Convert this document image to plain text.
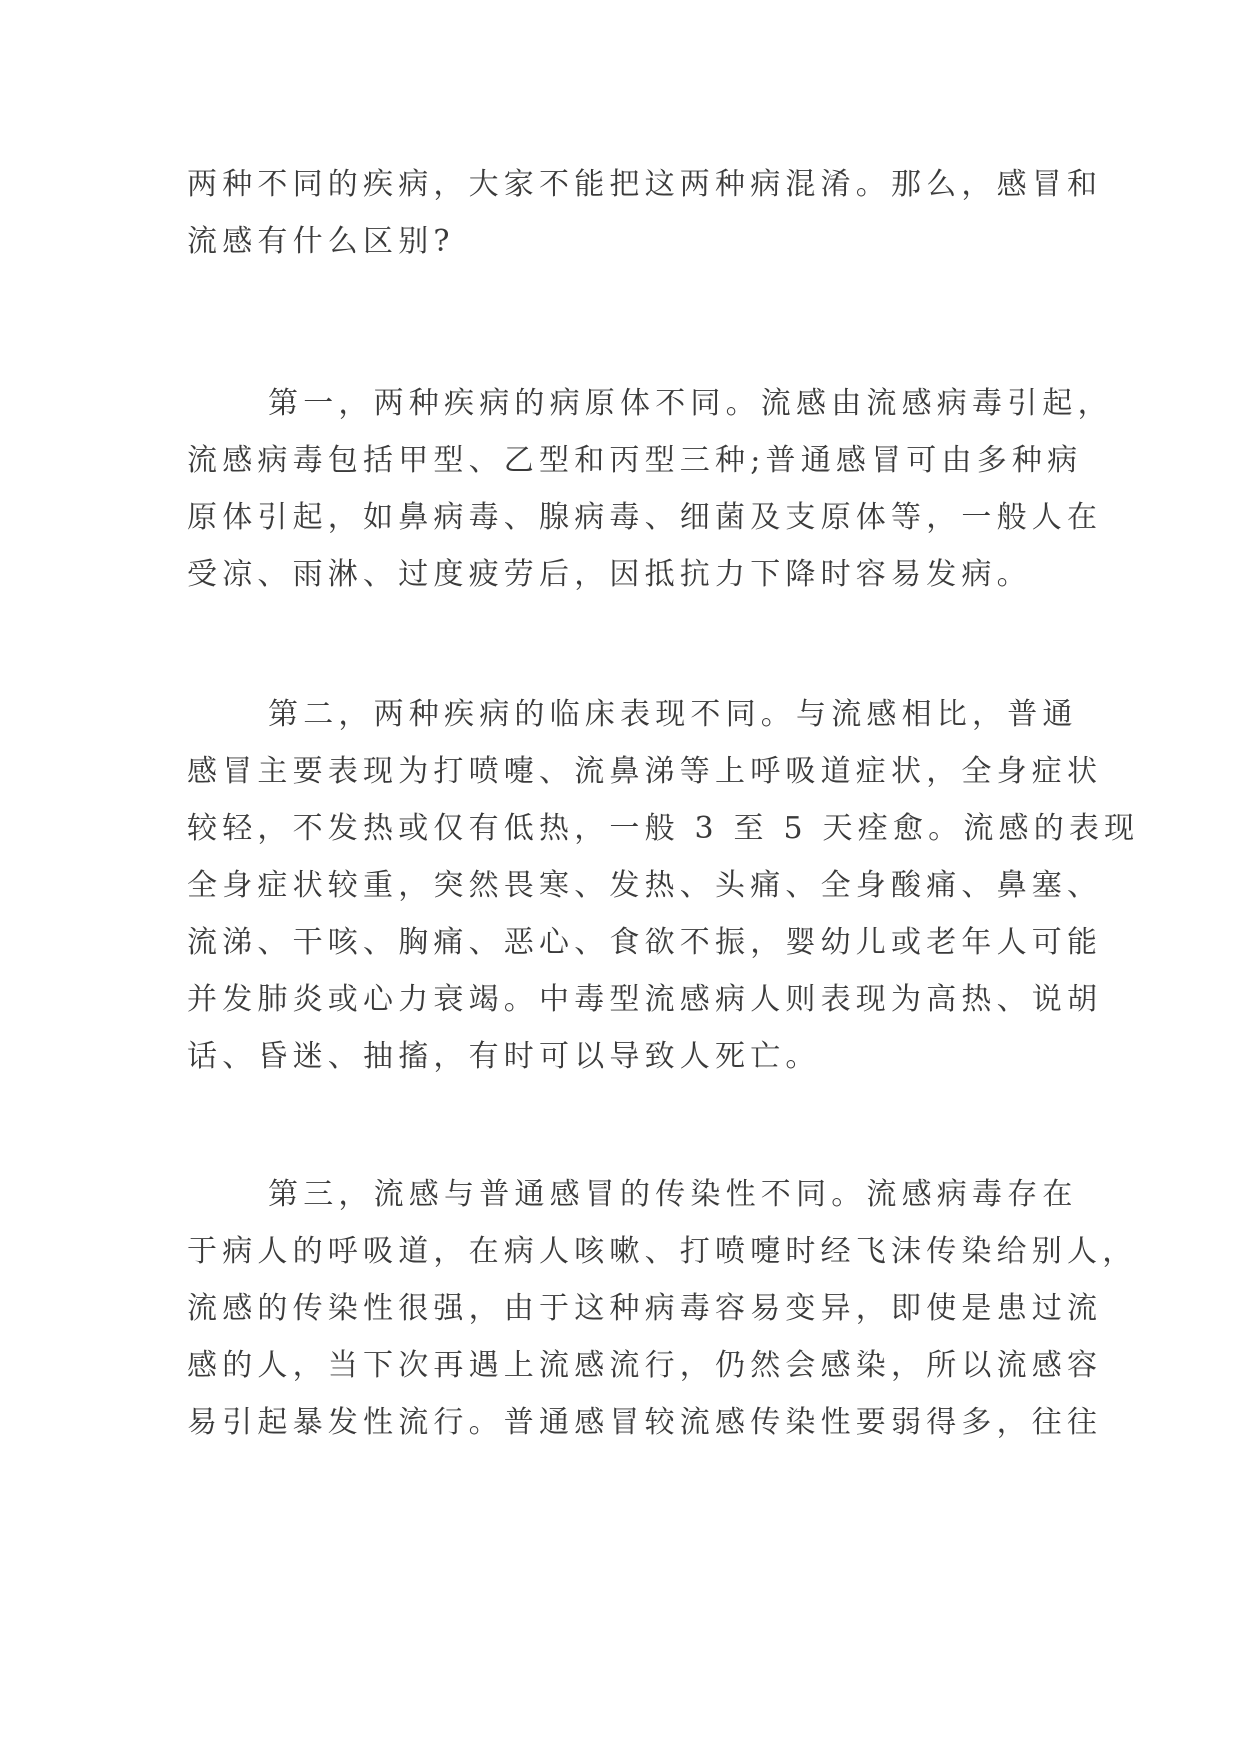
两种不同的疾病，大家不能把这两种病混淆。那么，感冒和
流感有什么区别?
第一，两种疾病的病原体不同。流感由流感病毒引起，
流感病毒包括甲型、乙型和丙型三种;普通感冒可由多种病
原体引起，如鼻病毒、腺病毒、细菌及支原体等，一般人在
受凉、雨淋、过度疲劳后，因抵抗力下降时容易发病。
第二，两种疾病的临床表现不同。与流感相比，普通
感冒主要表现为打喷嚏、流鼻涕等上呼吸道症状，全身症状
较轻，不发热或仅有低热，一般 3 至 5 天痊愈。流感的表现
全身症状较重，突然畏寒、发热、头痛、全身酸痛、鼻塞、
流涕、干咳、胸痛、恶心、食欲不振，婴幼儿或老年人可能
并发肺炎或心力衰竭。中毒型流感病人则表现为高热、说胡
话、昏迷、抽搐，有时可以导致人死亡。
第三，流感与普通感冒的传染性不同。流感病毒存在
于病人的呼吸道，在病人咳嗽、打喷嚏时经飞沫传染给别人，
流感的传染性很强，由于这种病毒容易变异，即使是患过流
感的人，当下次再遇上流感流行，仍然会感染，所以流感容
易引起暴发性流行。普通感冒较流感传染性要弱得多，往往
